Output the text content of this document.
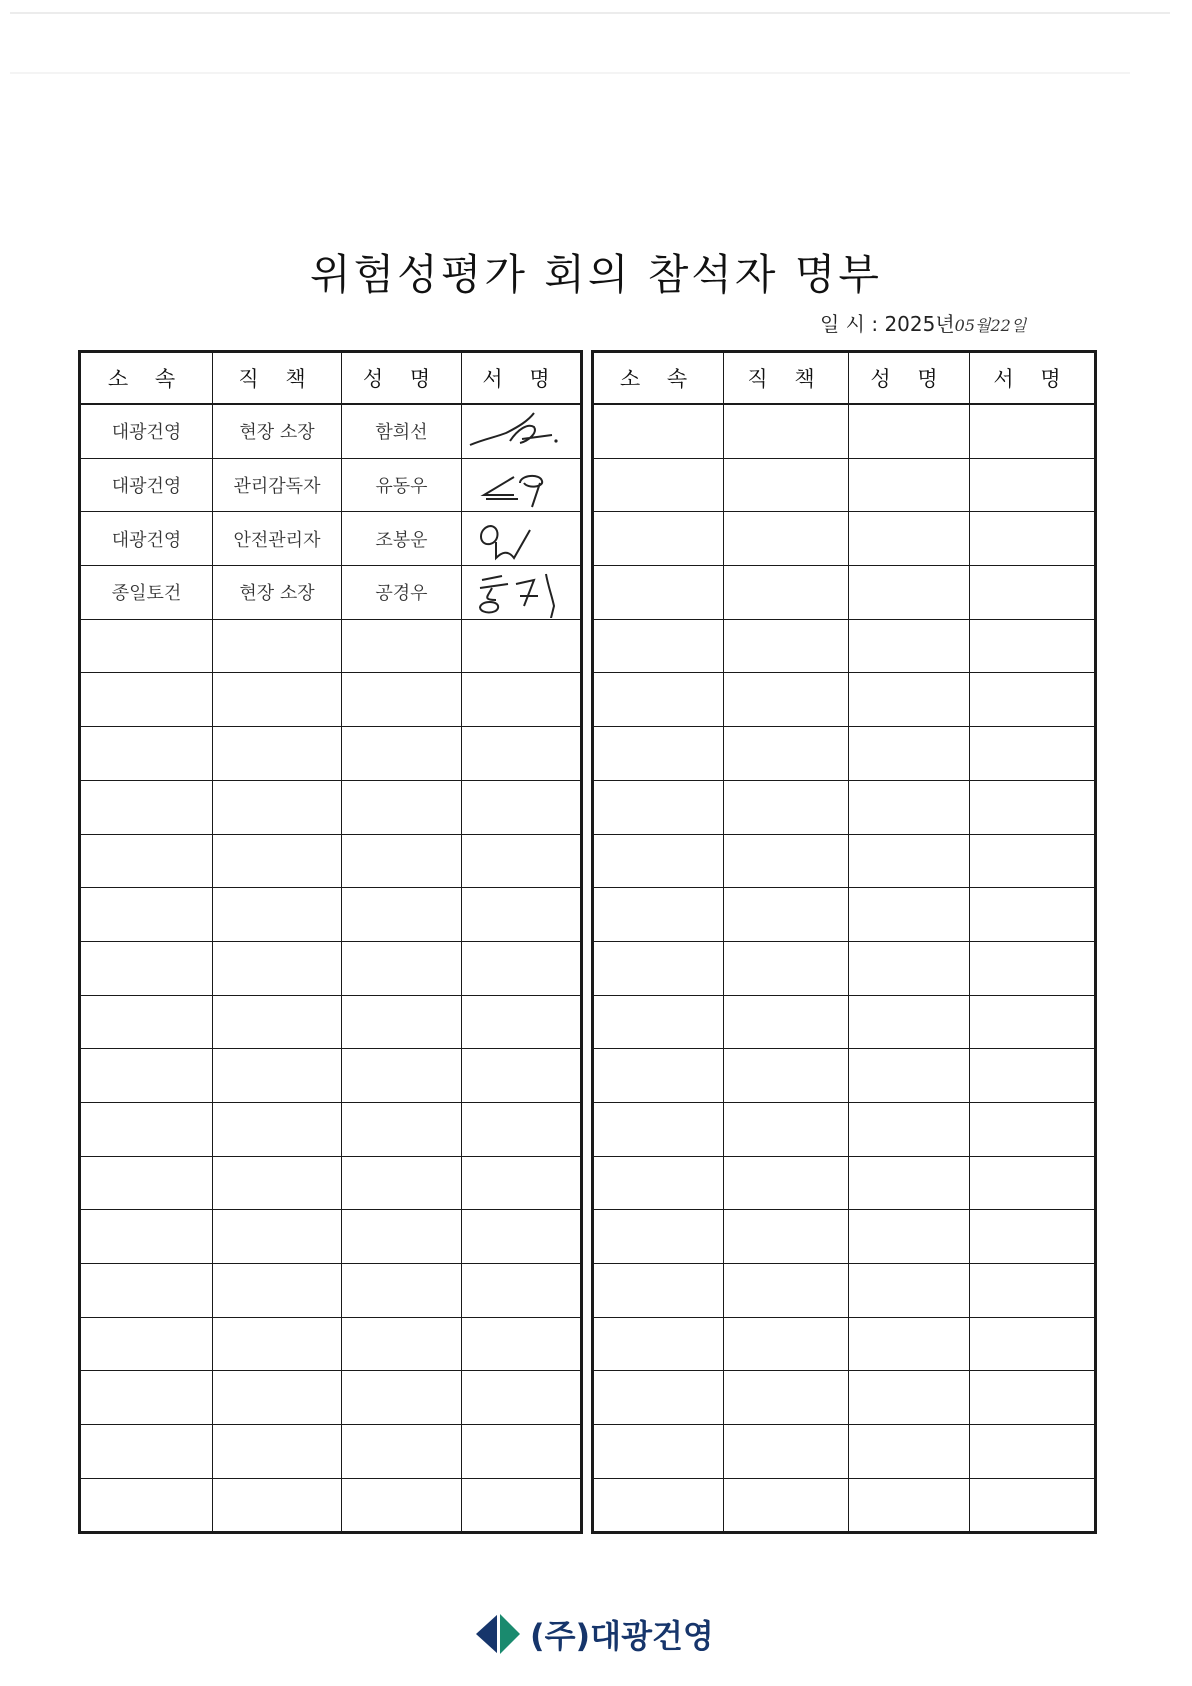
위험성평가 회의 참석자 명부
일 시 : 2025년05월22일
소 속	직 책	성 명	서 명
대광건영	현장 소장	함희선	

대광건영	관리감독자	유동우	

대광건영	안전관리자	조봉운	

종일토건	현장 소장	공경우	

소 속	직 책	성 명	서 명

(주)대광건영
